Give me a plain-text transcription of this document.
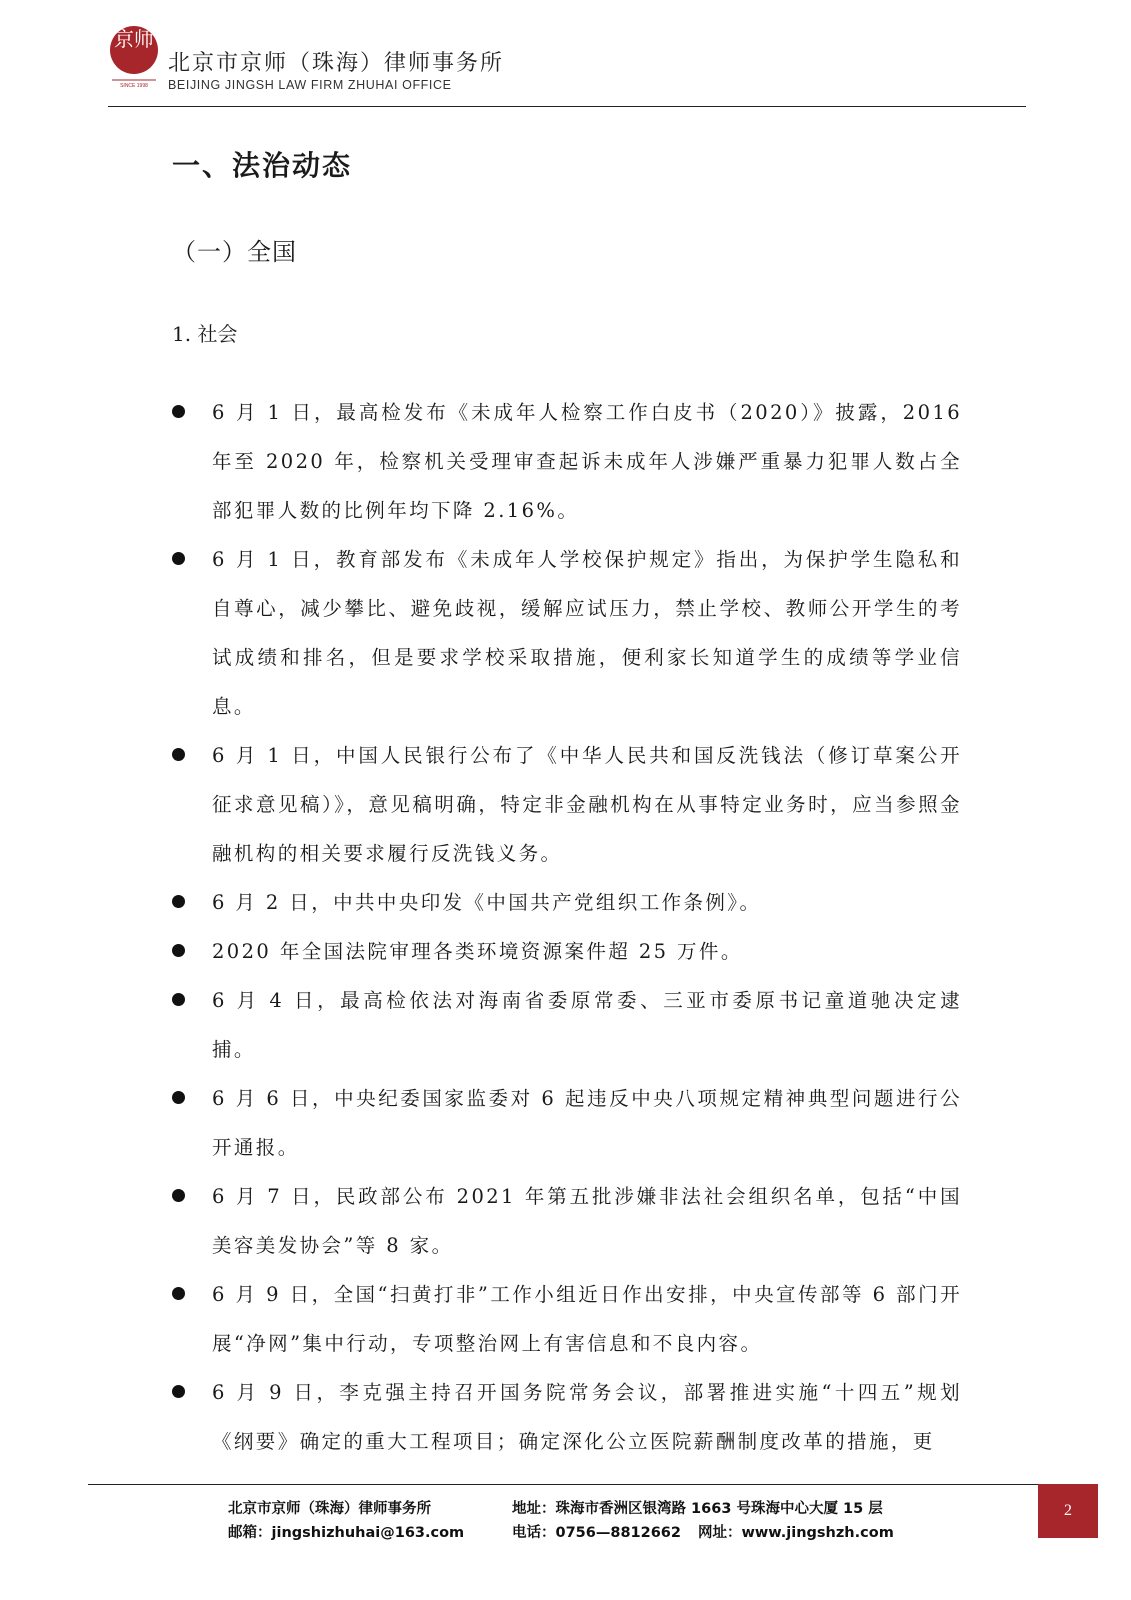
京师
SINCE 1998
北京市京师（珠海）律师事务所
BEIJING JINGSH LAW FIRM ZHUHAI OFFICE
一、法治动态
（一）全国
1. 社会
6 月 1 日，最高检发布《未成年人检察工作白皮书（2020）》披露，2016 年至 2020 年，检察机关受理审查起诉未成年人涉嫌严重暴力犯罪人数占全部犯罪人数的比例年均下降 2.16%。
6 月 1 日，教育部发布《未成年人学校保护规定》指出，为保护学生隐私和自尊心，减少攀比、避免歧视，缓解应试压力，禁止学校、教师公开学生的考试成绩和排名，但是要求学校采取措施，便利家长知道学生的成绩等学业信息。
6 月 1 日，中国人民银行公布了《中华人民共和国反洗钱法（修订草案公开征求意见稿）》，意见稿明确，特定非金融机构在从事特定业务时，应当参照金融机构的相关要求履行反洗钱义务。
6 月 2 日，中共中央印发《中国共产党组织工作条例》。
2020 年全国法院审理各类环境资源案件超 25 万件。
6 月 4 日，最高检依法对海南省委原常委、三亚市委原书记童道驰决定逮捕。
6 月 6 日，中央纪委国家监委对 6 起违反中央八项规定精神典型问题进行公开通报。
6 月 7 日，民政部公布 2021 年第五批涉嫌非法社会组织名单，包括“中国美容美发协会”等 8 家。
6 月 9 日，全国“扫黄打非”工作小组近日作出安排，中央宣传部等 6 部门开展“净网”集中行动，专项整治网上有害信息和不良内容。
6 月 9 日，李克强主持召开国务院常务会议，部署推进实施“十四五”规划《纲要》确定的重大工程项目；确定深化公立医院薪酬制度改革的措施，更
北京市京师（珠海）律师事务所
邮箱：jingshizhuhai@163.com
地址：珠海市香洲区银湾路 1663 号珠海中心大厦 15 层
电话：0756—8812662 网址：www.jingshzh.com
2
